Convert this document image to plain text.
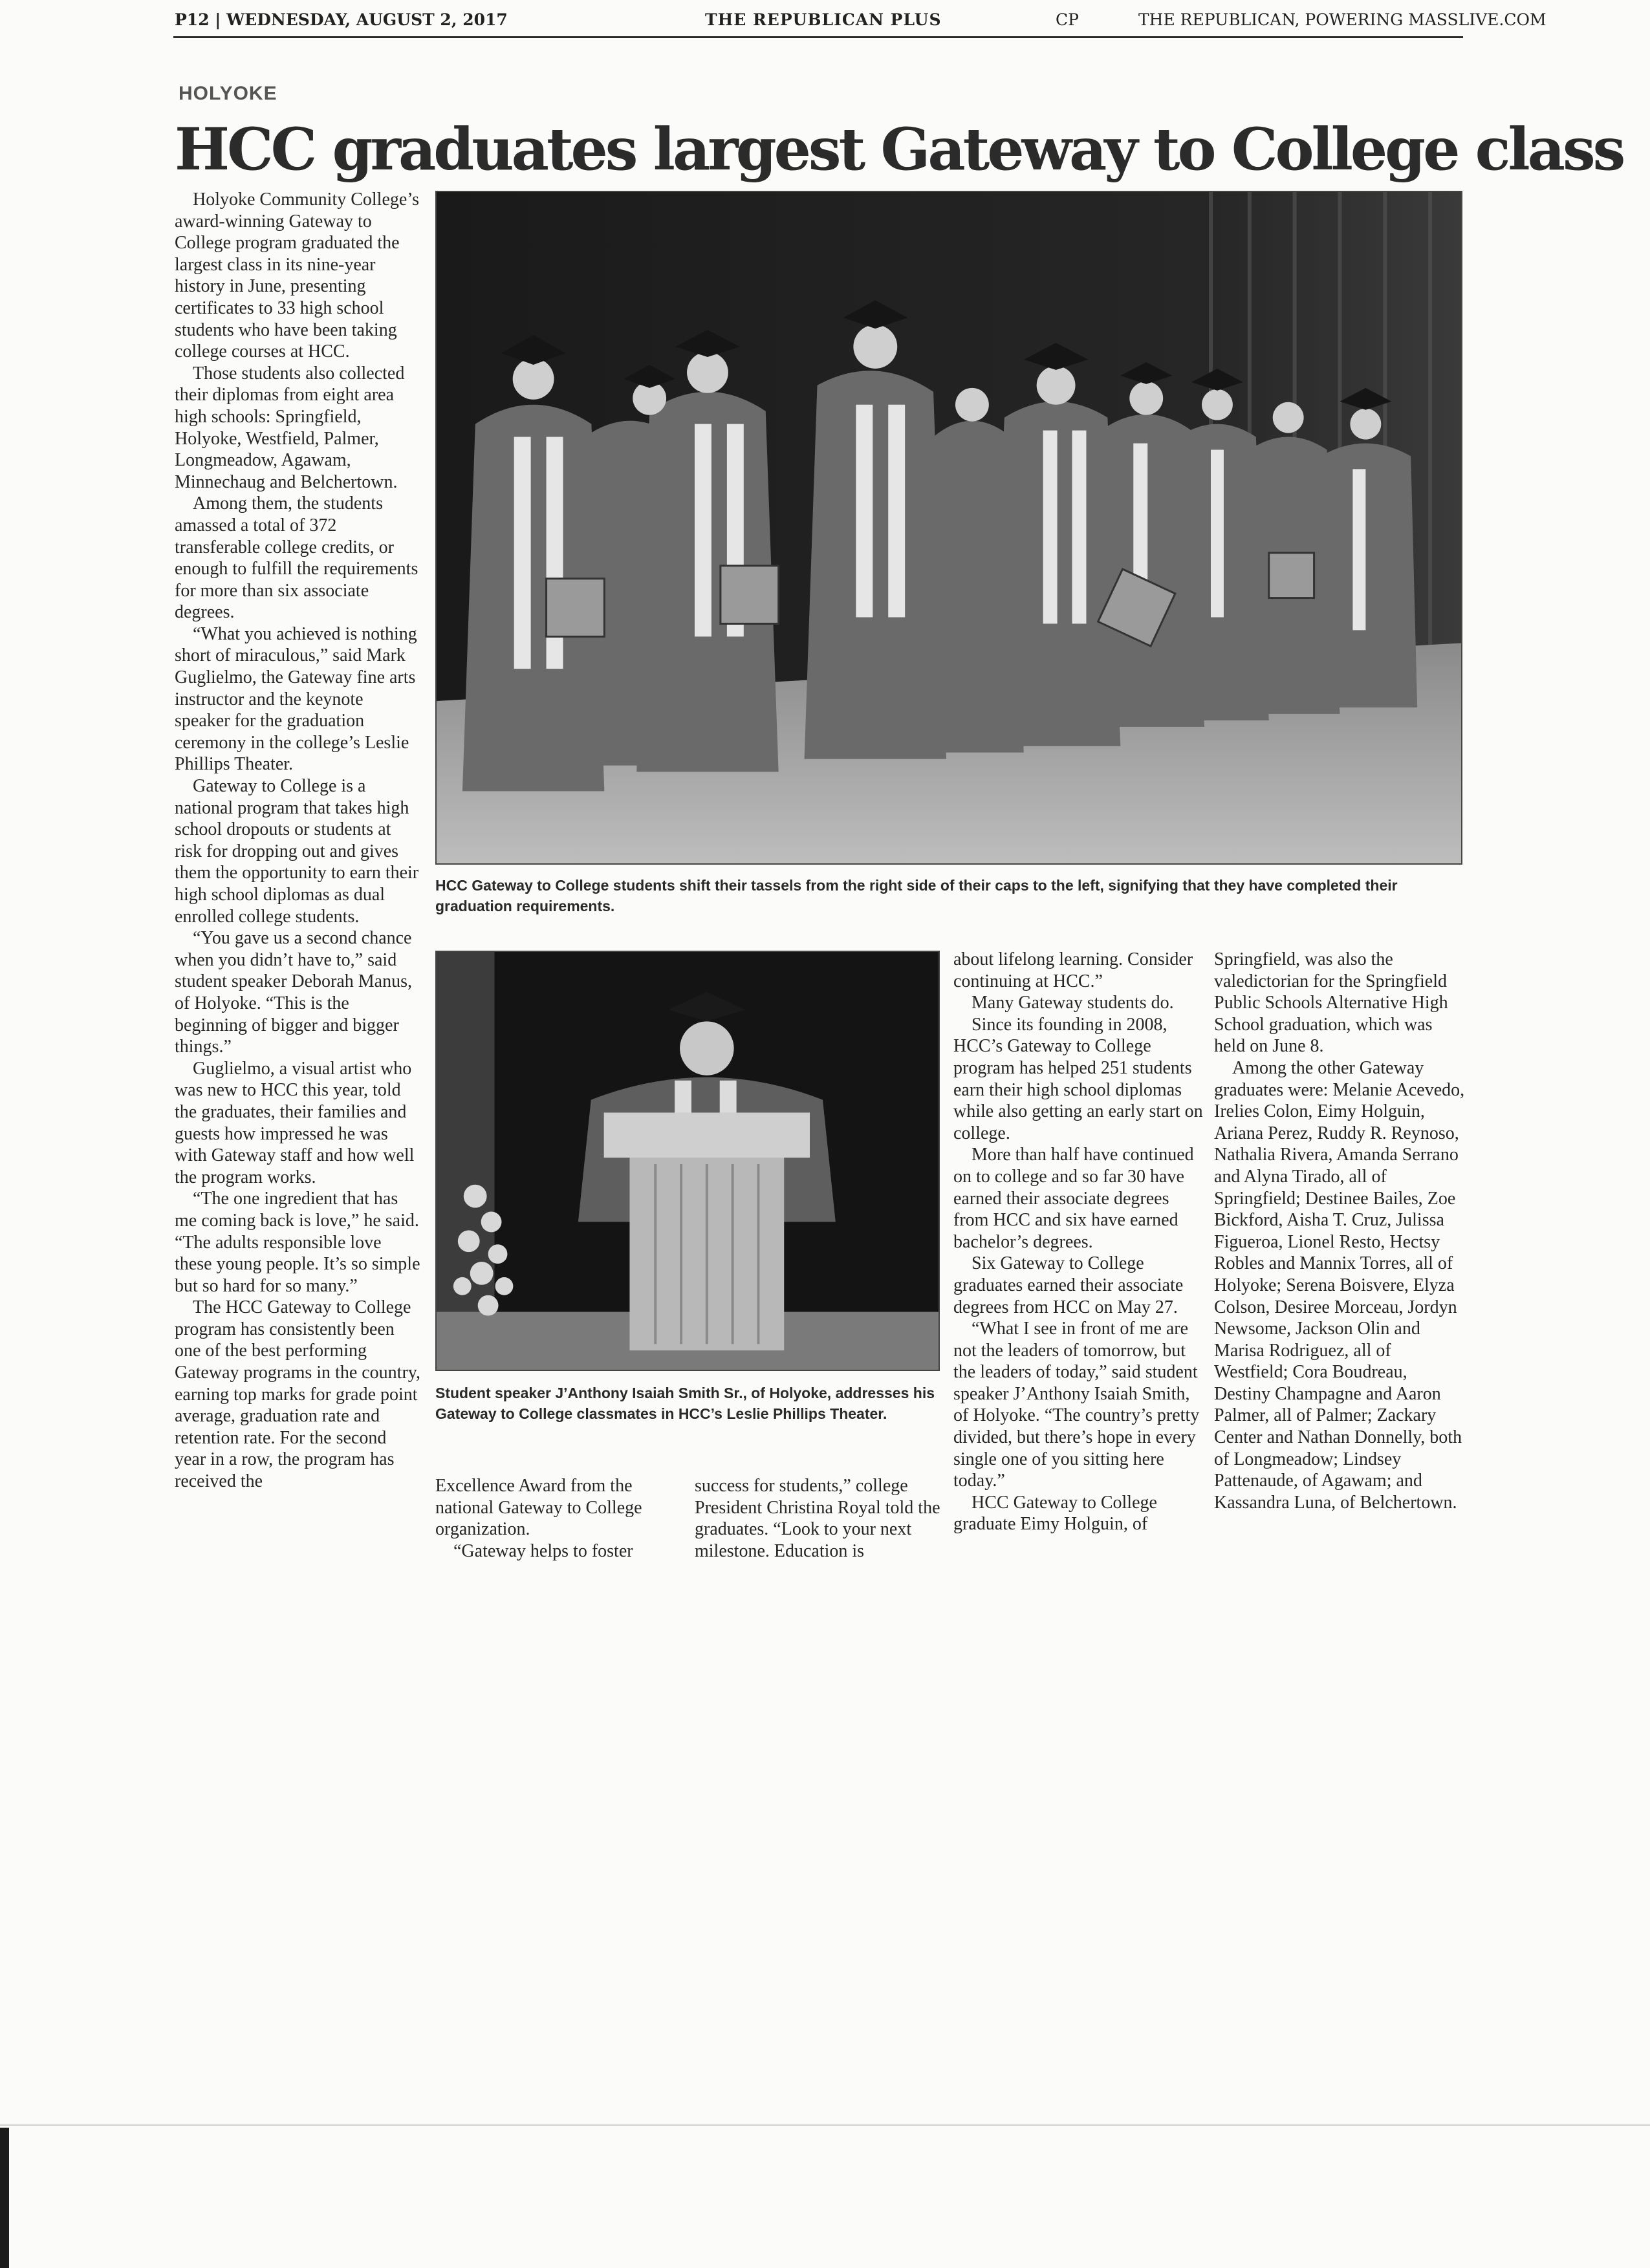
P12 | WEDNESDAY, AUGUST 2, 2017	THE REPUBLICAN PLUS	CP	THE REPUBLICAN, POWERING MASSLIVE.COM
HOLYOKE
HCC graduates largest Gateway to College class

Holyoke Community College’s award-winning Gateway to College program graduated the largest class in its nine-year history in June, presenting certificates to 33 high school students who have been taking college courses at HCC.

Those students also collected their diplomas from eight area high schools: Springfield, Holyoke, Westfield, Palmer, Longmeadow, Agawam, Minnechaug and Belchertown.

Among them, the students amassed a total of 372 transferable college credits, or enough to fulfill the requirements for more than six associate degrees.

“What you achieved is nothing short of miraculous,” said Mark Guglielmo, the Gateway fine arts instructor and the keynote speaker for the graduation ceremony in the college’s Leslie Phillips Theater.

Gateway to College is a national program that takes high school dropouts or students at risk for dropping out and gives them the opportunity to earn their high school diplomas as dual enrolled college students.

“You gave us a second chance when you didn’t have to,” said student speaker Deborah Manus, of Holyoke. “This is the beginning of bigger and bigger things.”

Guglielmo, a visual artist who was new to HCC this year, told the graduates, their families and guests how impressed he was with Gateway staff and how well the program works.

“The one ingredient that has me coming back is love,” he said. “The adults responsible love these young people. It’s so simple but so hard for so many.”

The HCC Gateway to College program has consistently been one of the best performing Gateway programs in the country, earning top marks for grade point average, graduation rate and retention rate. For the second year in a row, the program has received the

HCC Gateway to College students shift their tassels from the right side of their caps to the left, signifying that they have completed their graduation requirements.
Student speaker J’Anthony Isaiah Smith Sr., of Holyoke, addresses his Gateway to College classmates in HCC’s Leslie Phillips Theater.

Excellence Award from the national Gateway to College organization.

“Gateway helps to foster

success for students,” college President Christina Royal told the graduates. “Look to your next milestone. Education is

about lifelong learning. Consider continuing at HCC.”

Many Gateway students do.

Since its founding in 2008, HCC’s Gateway to College program has helped 251 students earn their high school diplomas while also getting an early start on college.

More than half have continued on to college and so far 30 have earned their associate degrees from HCC and six have earned bachelor’s degrees.

Six Gateway to College graduates earned their associate degrees from HCC on May 27.

“What I see in front of me are not the leaders of tomorrow, but the leaders of today,” said student speaker J’Anthony Isaiah Smith, of Holyoke. “The country’s pretty divided, but there’s hope in every single one of you sitting here today.”

HCC Gateway to College graduate Eimy Holguin, of

Springfield, was also the valedictorian for the Springfield Public Schools Alternative High School graduation, which was held on June 8.

Among the other Gateway graduates were: Melanie Acevedo, Irelies Colon, Eimy Holguin, Ariana Perez, Ruddy R. Reynoso, Nathalia Rivera, Amanda Serrano and Alyna Tirado, all of Springfield; Destinee Bailes, Zoe Bickford, Aisha T. Cruz, Julissa Figueroa, Lionel Resto, Hectsy Robles and Mannix Torres, all of Holyoke; Serena Boisvere, Elyza Colson, Desiree Morceau, Jordyn Newsome, Jackson Olin and Marisa Rodriguez, all of Westfield; Cora Boudreau, Destiny Champagne and Aaron Palmer, all of Palmer; Zackary Center and Nathan Donnelly, both of Longmeadow; Lindsey Pattenaude, of Agawam; and Kassandra Luna, of Belchertown.
